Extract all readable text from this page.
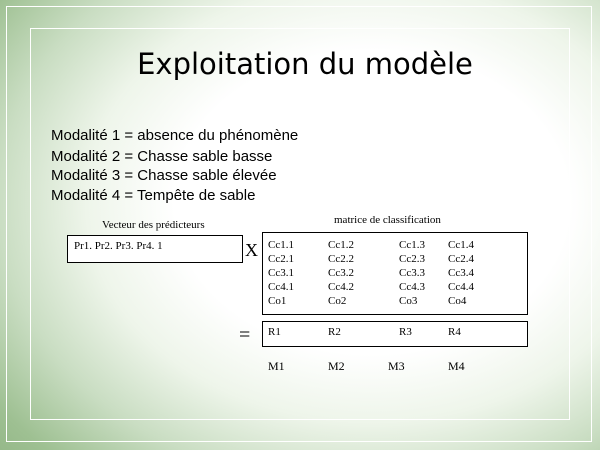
Exploitation du modèle
Modalité 1 = absence du phénomène
Modalité 2 = Chasse sable basse
Modalité 3 = Chasse sable élevée
Modalité 4 = Tempête de sable
Vecteur des prédicteurs
Pr1. Pr2. Pr3. Pr4. 1	X
matrice de classification
Cc1.1	Cc1.2	Cc1.3 Cc1.4
Cc2.1	Cc2.2	Cc2.3 Cc2.4
Cc3.1	Cc3.2	Cc3.3 Cc3.4
Cc4.1	Cc4.2	Cc4.3 Cc4.4
Co1	Co2	Co3	Co4
= R1	R2	R3	R4
M1	M2	M3	M4
